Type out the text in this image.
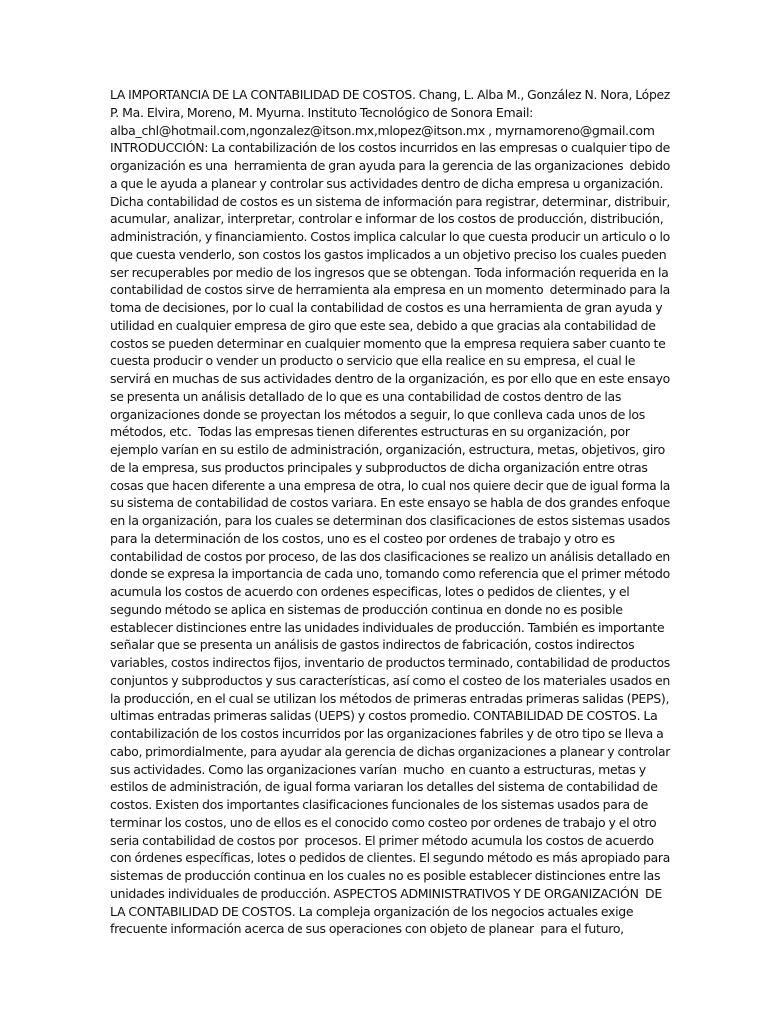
LA IMPORTANCIA DE LA CONTABILIDAD DE COSTOS. Chang, L. Alba M., González N. Nora, López
P. Ma. Elvira, Moreno, M. Myurna. Instituto Tecnológico de Sonora Email:
alba_chl@hotmail.com,ngonzalez@itson.mx,mlopez@itson.mx , myrnamoreno@gmail.com
INTRODUCCIÓN: La contabilización de los costos incurridos en las empresas o cualquier tipo de
organización es una  herramienta de gran ayuda para la gerencia de las organizaciones  debido
a que le ayuda a planear y controlar sus actividades dentro de dicha empresa u organización.
Dicha contabilidad de costos es un sistema de información para registrar, determinar, distribuir,
acumular, analizar, interpretar, controlar e informar de los costos de producción, distribución,
administración, y financiamiento. Costos implica calcular lo que cuesta producir un articulo o lo
que cuesta venderlo, son costos los gastos implicados a un objetivo preciso los cuales pueden
ser recuperables por medio de los ingresos que se obtengan. Toda información requerida en la
contabilidad de costos sirve de herramienta ala empresa en un momento  determinado para la
toma de decisiones, por lo cual la contabilidad de costos es una herramienta de gran ayuda y
utilidad en cualquier empresa de giro que este sea, debido a que gracias ala contabilidad de
costos se pueden determinar en cualquier momento que la empresa requiera saber cuanto te
cuesta producir o vender un producto o servicio que ella realice en su empresa, el cual le
servirá en muchas de sus actividades dentro de la organización, es por ello que en este ensayo
se presenta un análisis detallado de lo que es una contabilidad de costos dentro de las
organizaciones donde se proyectan los métodos a seguir, lo que conlleva cada unos de los
métodos, etc.  Todas las empresas tienen diferentes estructuras en su organización, por
ejemplo varían en su estilo de administración, organización, estructura, metas, objetivos, giro
de la empresa, sus productos principales y subproductos de dicha organización entre otras
cosas que hacen diferente a una empresa de otra, lo cual nos quiere decir que de igual forma la
su sistema de contabilidad de costos variara. En este ensayo se habla de dos grandes enfoque
en la organización, para los cuales se determinan dos clasificaciones de estos sistemas usados
para la determinación de los costos, uno es el costeo por ordenes de trabajo y otro es
contabilidad de costos por proceso, de las dos clasificaciones se realizo un análisis detallado en
donde se expresa la importancia de cada uno, tomando como referencia que el primer método
acumula los costos de acuerdo con ordenes especificas, lotes o pedidos de clientes, y el
segundo método se aplica en sistemas de producción continua en donde no es posible
establecer distinciones entre las unidades individuales de producción. También es importante
señalar que se presenta un análisis de gastos indirectos de fabricación, costos indirectos
variables, costos indirectos fijos, inventario de productos terminado, contabilidad de productos
conjuntos y subproductos y sus características, así como el costeo de los materiales usados en
la producción, en el cual se utilizan los métodos de primeras entradas primeras salidas (PEPS),
ultimas entradas primeras salidas (UEPS) y costos promedio. CONTABILIDAD DE COSTOS. La
contabilización de los costos incurridos por las organizaciones fabriles y de otro tipo se lleva a
cabo, primordialmente, para ayudar ala gerencia de dichas organizaciones a planear y controlar
sus actividades. Como las organizaciones varían  mucho  en cuanto a estructuras, metas y
estilos de administración, de igual forma variaran los detalles del sistema de contabilidad de
costos. Existen dos importantes clasificaciones funcionales de los sistemas usados para de
terminar los costos, uno de ellos es el conocido como costeo por ordenes de trabajo y el otro
seria contabilidad de costos por  procesos. El primer método acumula los costos de acuerdo
con órdenes específicas, lotes o pedidos de clientes. El segundo método es más apropiado para
sistemas de producción continua en los cuales no es posible establecer distinciones entre las
unidades individuales de producción. ASPECTOS ADMINISTRATIVOS Y DE ORGANIZACIÓN  DE
LA CONTABILIDAD DE COSTOS. La compleja organización de los negocios actuales exige
frecuente información acerca de sus operaciones con objeto de planear  para el futuro,
